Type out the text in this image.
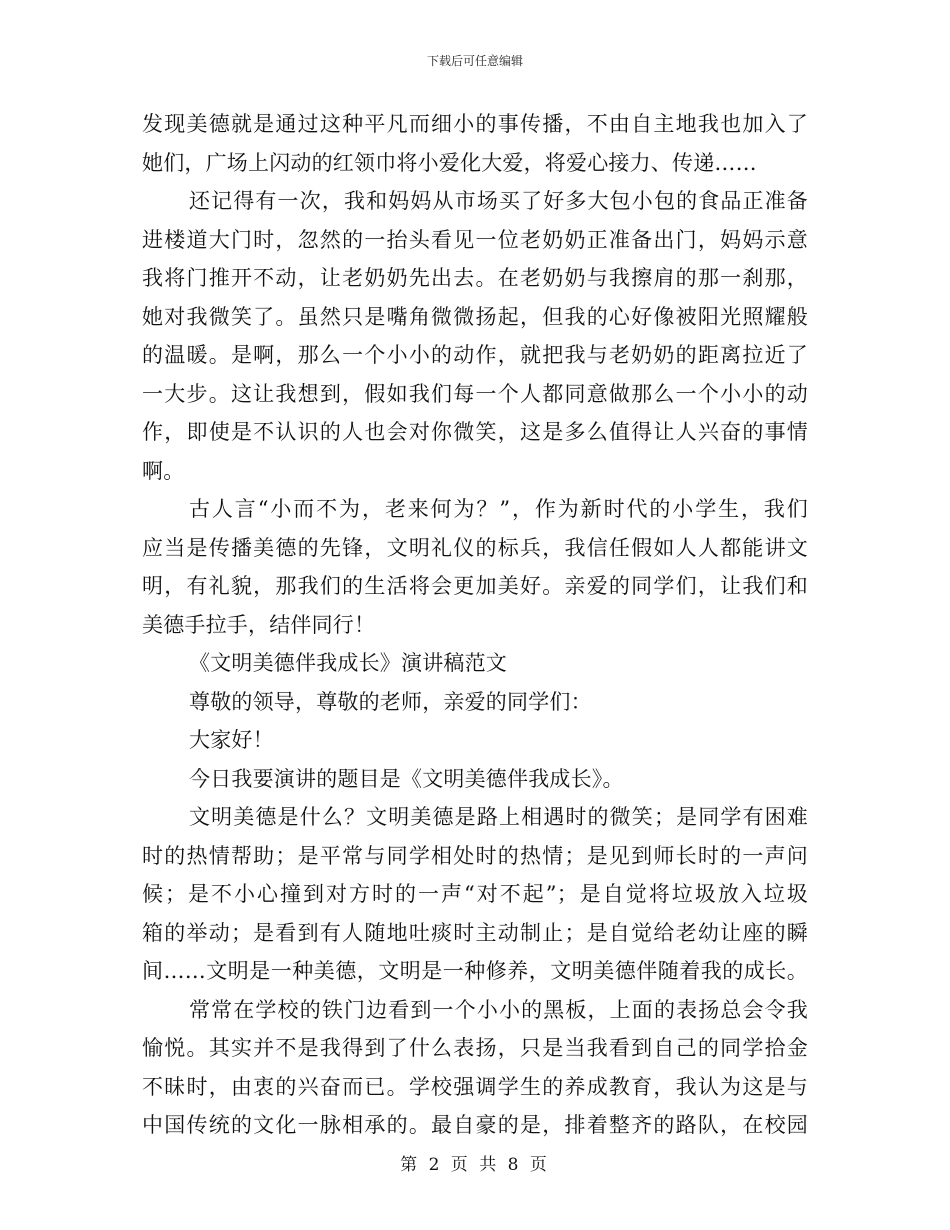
下载后可任意编辑
发现美德就是通过这种平凡而细小的事传播，不由自主地我也加入了
她们，广场上闪动的红领巾将小爱化大爱，将爱心接力、传递……
还记得有一次，我和妈妈从市场买了好多大包小包的食品正准备
进楼道大门时，忽然的一抬头看见一位老奶奶正准备出门，妈妈示意
我将门推开不动，让老奶奶先出去。在老奶奶与我擦肩的那一刹那，
她对我微笑了。虽然只是嘴角微微扬起，但我的心好像被阳光照耀般
的温暖。是啊，那么一个小小的动作，就把我与老奶奶的距离拉近了
一大步。这让我想到，假如我们每一个人都同意做那么一个小小的动
作，即使是不认识的人也会对你微笑，这是多么值得让人兴奋的事情
啊。
古人言“小而不为，老来何为？”，作为新时代的小学生，我们
应当是传播美德的先锋，文明礼仪的标兵，我信任假如人人都能讲文
明，有礼貌，那我们的生活将会更加美好。亲爱的同学们，让我们和
美德手拉手，结伴同行！
《文明美德伴我成长》演讲稿范文
尊敬的领导，尊敬的老师，亲爱的同学们：
大家好！
今日我要演讲的题目是《文明美德伴我成长》。
文明美德是什么？文明美德是路上相遇时的微笑；是同学有困难
时的热情帮助；是平常与同学相处时的热情；是见到师长时的一声问
候；是不小心撞到对方时的一声“对不起”；是自觉将垃圾放入垃圾
箱的举动；是看到有人随地吐痰时主动制止；是自觉给老幼让座的瞬
间……文明是一种美德，文明是一种修养，文明美德伴随着我的成长。
常常在学校的铁门边看到一个小小的黑板，上面的表扬总会令我
愉悦。其实并不是我得到了什么表扬，只是当我看到自己的同学拾金
不昧时，由衷的兴奋而已。学校强调学生的养成教育，我认为这是与
中国传统的文化一脉相承的。最自豪的是，排着整齐的路队，在校园
第 2 页 共 8 页
